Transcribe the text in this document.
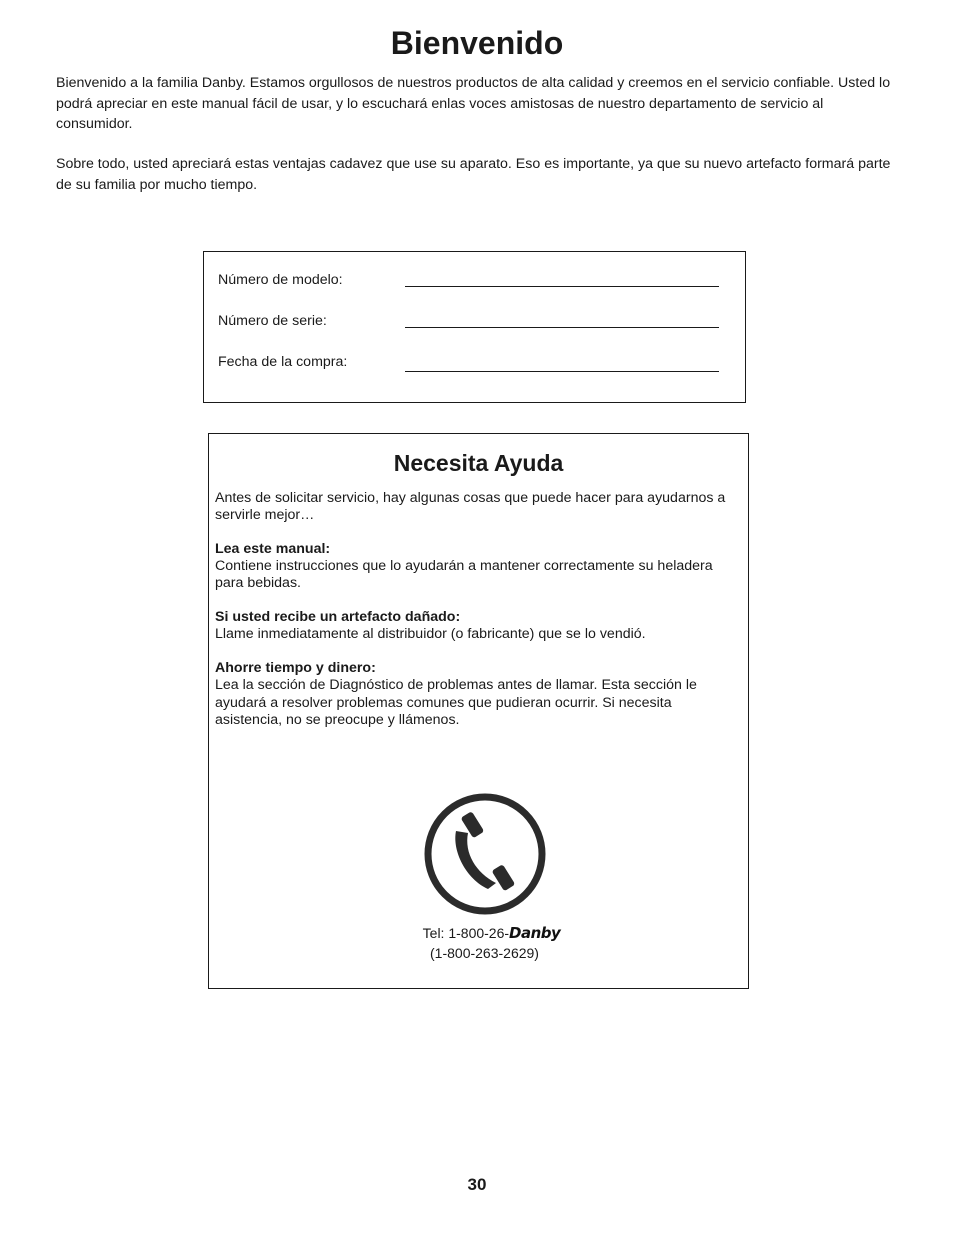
Bienvenido

Bienvenido a la familia Danby. Estamos orgullosos de nuestros productos de alta calidad y creemos en el servicio confiable. Usted lo podrá apreciar en este manual fácil de usar, y lo escuchará enlas voces amistosas de nuestro departamento de servicio al consumidor.

Sobre todo, usted apreciará estas ventajas cadavez que use su aparato. Eso es importante, ya que su nuevo artefacto formará parte de su familia por mucho tiempo.

Número de modelo:
Número de serie:
Fecha de la compra:
Necesita Ayuda

Antes de solicitar servicio, hay algunas cosas que puede hacer para ayudarnos a servirle mejor…

Lea este manual:
Contiene instrucciones que lo ayudarán a mantener correctamente su heladera para bebidas.

Si usted recibe un artefacto dañado:
Llame inmediatamente al distribuidor (o fabricante) que se lo vendió.

Ahorre tiempo y dinero:
Lea la sección de Diagnóstico de problemas antes de llamar. Esta sección le ayudará a resolver problemas comunes que pudieran ocurrir. Si necesita asistencia, no se preocupe y llámenos.

Tel: 1-800-26-Danby
(1-800-263-2629)
30
